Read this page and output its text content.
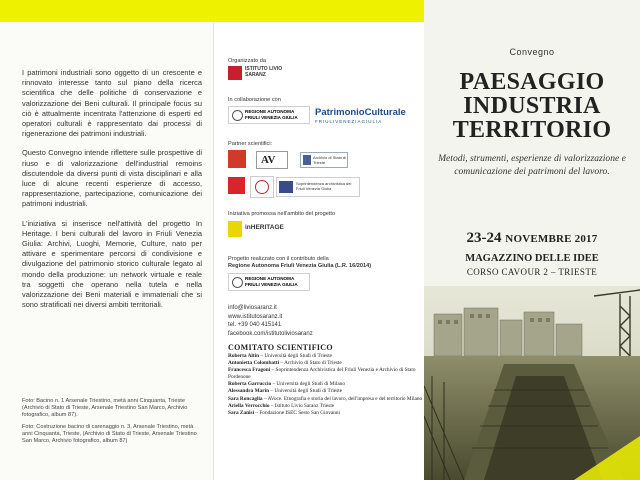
I patrimoni industriali sono oggetto di un crescente e rinnovato interesse tanto sul piano della ricerca scientifica che delle politiche di conservazione e valorizzazione dei Beni culturali. Il principale focus su ciò è attualmente incentrata l'attenzione di esperti ed operatori culturali è rappresentato dai processi di rigenerazione dei patrimoni industriali.

Questo Convegno intende riflettere sulle prospettive di riuso e di valorizzazione dell'industrial remoins discutendole da diversi punti di vista disciplinari e alla luce di alcune recenti esperienze di accesso, rappresentazione, partecipazione, comunicazione dei patrimoni industriali.

L'iniziativa si inserisce nell'attività del progetto In Heritage. I beni culturali del lavoro in Friuli Venezia Giulia: Archivi, Luoghi, Memorie, Culture, nato per attivare e sperimentare percorsi di condivisione e divulgazione del patrimonio storico culturale legato al mondo della produzione: un network virtuale e reale tra soggetti che operano nella tutela e nella valorizzazione dei Beni materiali e immateriali che si sono stratificati nei diversi ambiti territoriali.

Foto: Bacino n. 1 Arsenale Triestino, metà anni Cinquanta, Trieste (Archivio di Stato di Trieste, Arsenale Triestino San Marco, Archivio fotografico, album 87).
Foto: Costruzione bacino di carenaggio n. 3, Arsenale Triestino, metà anni Cinquanta, Trieste, (Archivio di Stato di Trieste, Arsenale Triestino San Marco, Archivio fotografico, album 87)
Organizzato da
ISTITUTO LIVIO SARANZ
In collaborazione con
REGIONE AUTONOMA FRIULI VENEZIA GIULIA	PatrimonioCulturale
FRIULIVENEZIAGIULIA
Partner scientifici:
AV	Archivio di Stato di Trieste
Soprintendenza archivistica del Friuli Venezia Giulia
Iniziativa promossa nell'ambito del progetto
inHERITAGE
Progetto realizzato con il contributo della
Regione Autonoma Friuli Venezia Giulia (L.R. 16/2014)
REGIONE AUTONOMA FRIULI VENEZIA GIULIA
info@liviosaranz.it
www.istitutosaranz.it
tel. +39 040 415141
facebook.com/istitutoliviosaranz
COMITATO SCIENTIFICO
Roberta Altin – Università degli Studi di Trieste
Antonietta Colombatti – Archivio di Stato di Trieste
Francesca Fragoni – Soprintendenza Archivistica del Friuli Venezia e Archivio di Stato Pordenone
Roberta Garruccio – Università degli Studi di Milano
Alessandra Marin – Università degli Studi di Trieste
Sara Roncaglia – AVoce. Etnografia e storia del lavoro, dell'impresa e del territorio Milano
Ariella Verrocchio – Istituto Livio Saranz Trieste
Sara Zanisi – Fondazione ISEC Sesto San Giovanni
Convegno
PAESAGGIO
INDUSTRIA
TERRITORIO
Metodi, strumenti, esperienze di valorizzazione e comunicazione dei patrimoni del lavoro.
23-24 NOVEMBRE 2017
MAGAZZINO DELLE IDEE
CORSO CAVOUR 2 – TRIESTE
